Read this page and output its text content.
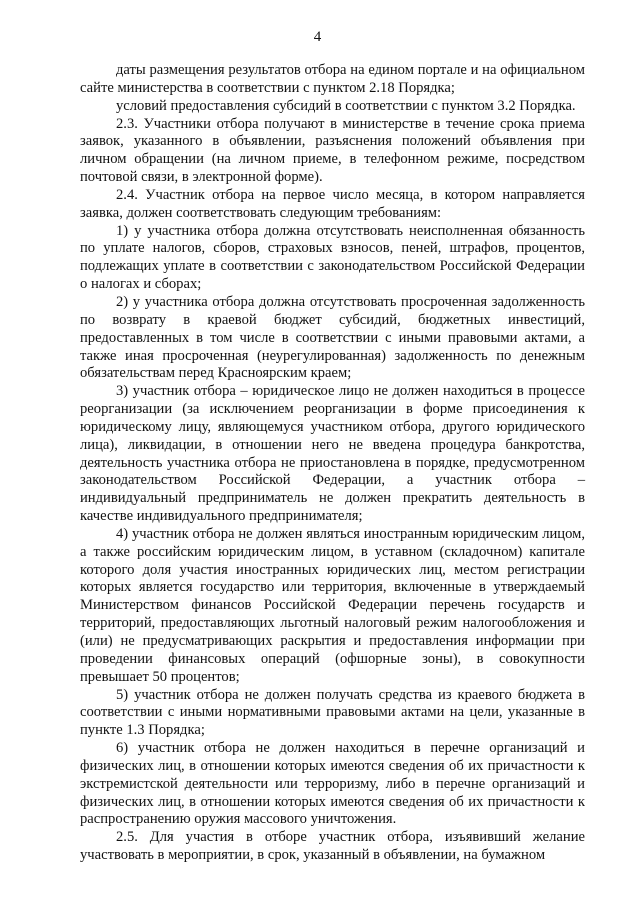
4

даты размещения результатов отбора на едином портале и на официальном сайте министерства в соответствии с пунктом 2.18 Порядка;

условий предоставления субсидий в соответствии с пунктом 3.2 Порядка.

2.3. Участники отбора получают в министерстве в течение срока приема заявок, указанного в объявлении, разъяснения положений объявления при личном обращении (на личном приеме, в телефонном режиме, посредством почтовой связи, в электронной форме).

2.4. Участник отбора на первое число месяца, в котором направляется заявка, должен соответствовать следующим требованиям:

1) у участника отбора должна отсутствовать неисполненная обязанность по уплате налогов, сборов, страховых взносов, пеней, штрафов, процентов, подлежащих уплате в соответствии с законодательством Российской Федерации о налогах и сборах;

2) у участника отбора должна отсутствовать просроченная задолженность по возврату в краевой бюджет субсидий, бюджетных инвестиций, предоставленных в том числе в соответствии с иными правовыми актами, а также иная просроченная (неурегулированная) задолженность по денежным обязательствам перед Красноярским краем;

3) участник отбора – юридическое лицо не должен находиться в процессе реорганизации (за исключением реорганизации в форме присоединения к юридическому лицу, являющемуся участником отбора, другого юридического лица), ликвидации, в отношении него не введена процедура банкротства, деятельность участника отбора не приостановлена в порядке, предусмотренном законодательством Российской Федерации, а участник отбора – индивидуальный предприниматель не должен прекратить деятельность в качестве индивидуального предпринимателя;

4) участник отбора не должен являться иностранным юридическим лицом, а также российским юридическим лицом, в уставном (складочном) капитале которого доля участия иностранных юридических лиц, местом регистрации которых является государство или территория, включенные в утверждаемый Министерством финансов Российской Федерации перечень государств и территорий, предоставляющих льготный налоговый режим налогообложения и (или) не предусматривающих раскрытия и предоставления информации при проведении финансовых операций (офшорные зоны), в совокупности превышает 50 процентов;

5) участник отбора не должен получать средства из краевого бюджета в соответствии с иными нормативными правовыми актами на цели, указанные в пункте 1.3 Порядка;

6) участник отбора не должен находиться в перечне организаций и физических лиц, в отношении которых имеются сведения об их причастности к экстремистской деятельности или терроризму, либо в перечне организаций и физических лиц, в отношении которых имеются сведения об их причастности к распространению оружия массового уничтожения.

2.5. Для участия в отборе участник отбора, изъявивший желание участвовать в мероприятии, в срок, указанный в объявлении, на бумажном
